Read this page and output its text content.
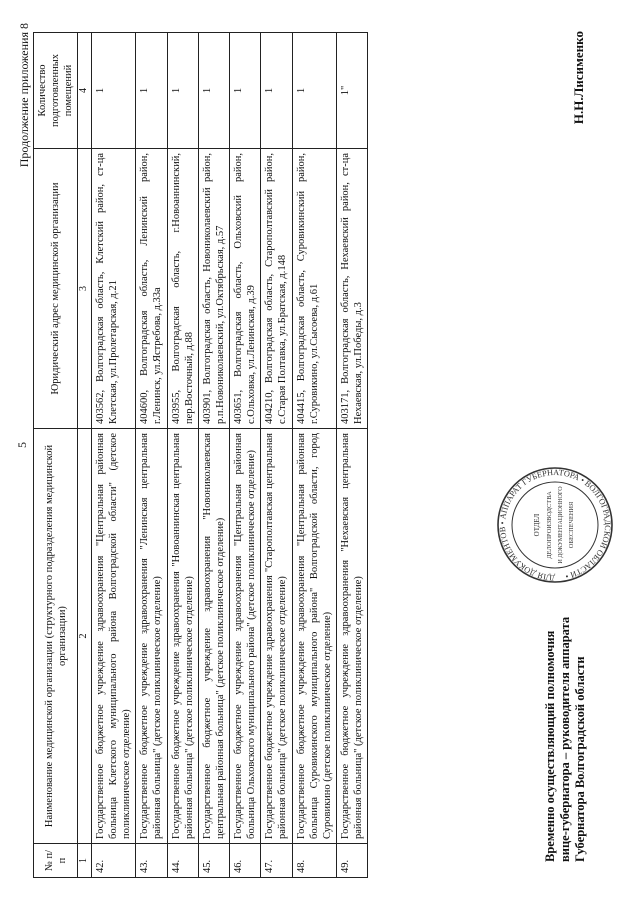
5
Продолжение приложения 8
№ п/п	Наименование медицинской организации (структурного подразделения медицинской организации)	Юридический адрес медицинской организации	Количество подготовленных помещений
1	2	3	4
42.	Государственное бюджетное учреждение здравоохранения "Центральная районная больница Клетского муниципального района Волгоградской области" (детское поликлиническое отделение)	403562, Волгоградская область, Клетский район, ст-ца Клетская, ул.Пролетарская, д.21	1
43.	Государственное бюджетное учреждение здравоохранения "Ленинская центральная районная больница" (детское поликлиническое отделение)	404600, Волгоградская область, Ленинский район, г.Ленинск, ул.Ястребова, д.33а	1
44.	Государственное бюджетное учреждение здравоохранения "Новоаннинская центральная районная больница" (детское поликлиническое отделение)	403955, Волгоградская область, г.Новоаннинский, пер.Восточный, д.88	1
45.	Государственное бюджетное учреждение здравоохранения "Новониколаевская центральная районная больница" (детское поликлиническое отделение)	403901, Волгоградская область, Новониколаевский район, р.п.Новониколаевский, ул.Октябрьская, д.57	1
46.	Государственное бюджетное учреждение здравоохранения "Центральная районная больница Ольховского муниципального района" (детское поликлиническое отделение)	403651, Волгоградская область, Ольховский район, с.Ольховка, ул.Ленинская, д.39	1
47.	Государственное бюджетное учреждение здравоохранения "Старополтавская центральная районная больница" (детское поликлиническое отделение)	404210, Волгоградская область, Старополтавский район, с.Старая Полтавка, ул.Братская, д.148	1
48.	Государственное бюджетное учреждение здравоохранения "Центральная районная больница Суровикинского муниципального района" Волгоградской области, город Суровикино (детское поликлиническое отделение)	404415, Волгоградская область, Суровикинский район, г.Суровикино, ул.Сысоева, д.61	1
49.	Государственное бюджетное учреждение здравоохранения "Нехаевская центральная районная больница" (детское поликлиническое отделение)	403171, Волгоградская область, Нехаевский район, ст-ца Нехаевская, ул.Победы, д.3	1"
Временно осуществляющий полномочия вице-губернатора – руководителя аппарата Губернатора Волгоградской области
ДЛЯ ДОКУМЕНТОВ • АППАРАТ ГУБЕРНАТОРА • ВОЛГОГРАДСКОЙ ОБЛАСТИ •
ОТДЕЛ ДЕЛОПРОИЗВОДСТВА И ДОКУМЕНТАЦИОННОГО ОБЕСПЕЧЕНИЯ
Н.Н.Лисименко
